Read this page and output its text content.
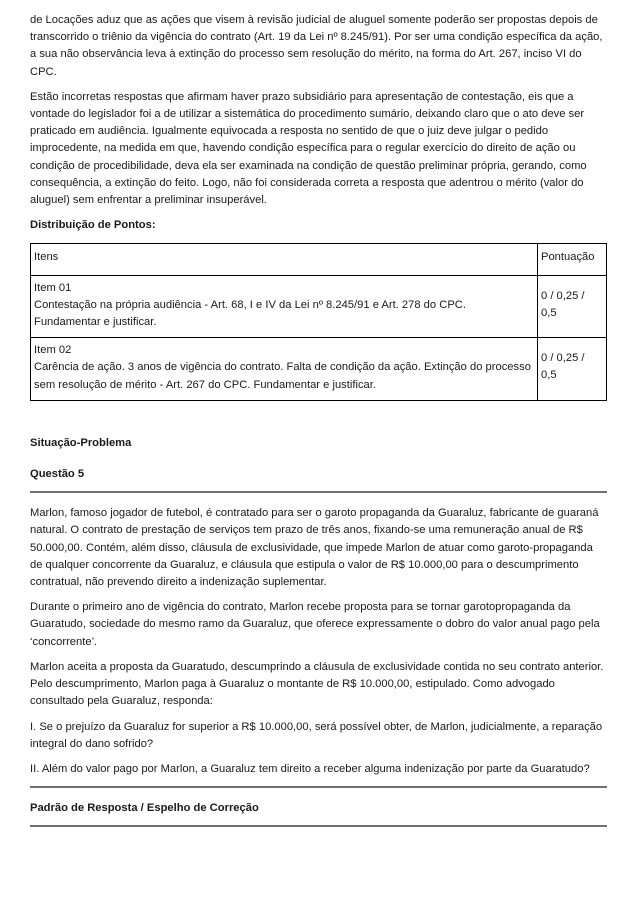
de Locações aduz que as ações que visem à revisão judicial de aluguel somente poderão ser propostas depois de transcorrido o triênio da vigência do contrato (Art. 19 da Lei nº 8.245/91). Por ser uma condição específica da ação, a sua não observância leva à extinção do processo sem resolução do mérito, na forma do Art. 267, inciso VI do CPC.

Estão incorretas respostas que afirmam haver prazo subsidiário para apresentação de contestação, eis que a vontade do legislador foi a de utilizar a sistemática do procedimento sumário, deixando claro que o ato deve ser praticado em audiência. Igualmente equivocada a resposta no sentido de que o juiz deve julgar o pedido improcedente, na medida em que, havendo condição específica para o regular exercício do direito de ação ou condição de procedibilidade, deva ela ser examinada na condição de questão preliminar própria, gerando, como consequência, a extinção do feito. Logo, não foi considerada correta a resposta que adentrou o mérito (valor do aluguel) sem enfrentar a preliminar insuperável.

Distribuição de Pontos:

Itens	Pontuação

Item 01
Contestação na própria audiência - Art. 68, I e IV da Lei nº 8.245/91 e Art. 278 do CPC. Fundamentar e justificar.	0 / 0,25 / 0,5

Item 02
Carência de ação. 3 anos de vigência do contrato. Falta de condição da ação. Extinção do processo sem resolução de mérito - Art. 267 do CPC. Fundamentar e justificar.	0 / 0,25 / 0,5

Situação-Problema

Questão 5

Marlon, famoso jogador de futebol, é contratado para ser o garoto propaganda da Guaraluz, fabricante de guaraná natural. O contrato de prestação de serviços tem prazo de três anos, fixando-se uma remuneração anual de R$ 50.000,00. Contém, além disso, cláusula de exclusividade, que impede Marlon de atuar como garoto-propaganda de qualquer concorrente da Guaraluz, e cláusula que estipula o valor de R$ 10.000,00 para o descumprimento contratual, não prevendo direito a indenização suplementar.

Durante o primeiro ano de vigência do contrato, Marlon recebe proposta para se tornar garotopropaganda da Guaratudo, sociedade do mesmo ramo da Guaraluz, que oferece expressamente o dobro do valor anual pago pela ‘concorrente’.

Marlon aceita a proposta da Guaratudo, descumprindo a cláusula de exclusividade contida no seu contrato anterior. Pelo descumprimento, Marlon paga à Guaraluz o montante de R$ 10.000,00, estipulado. Como advogado consultado pela Guaraluz, responda:

I. Se o prejuízo da Guaraluz for superior a R$ 10.000,00, será possível obter, de Marlon, judicialmente, a reparação integral do dano sofrido?

II. Além do valor pago por Marlon, a Guaraluz tem direito a receber alguma indenização por parte da Guaratudo?

Padrão de Resposta / Espelho de Correção
